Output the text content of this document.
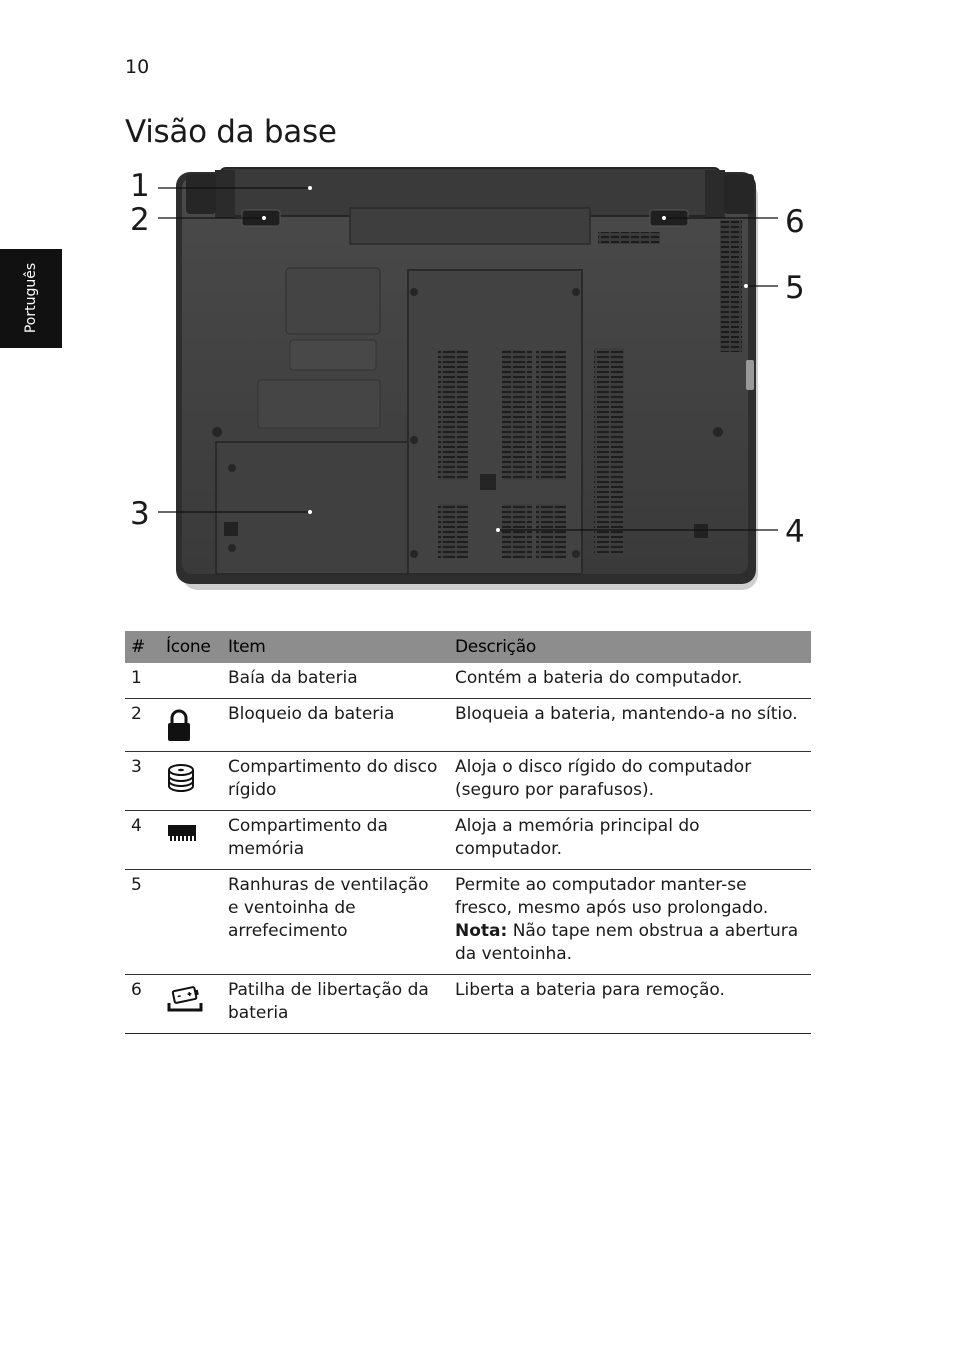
10
Visão da base
Português
1
2
3	4
5
6
#	Ícone	Item	Descrição
1		Baía da bateria	Contém a bateria do computador.
2		Bloqueio da bateria	Bloqueia a bateria, mantendo-a no sítio.
3		Compartimento do disco rígido	Aloja o disco rígido do computador (seguro por parafusos).
4		Compartimento da memória	Aloja a memória principal do computador.
5		Ranhuras de ventilação e ventoinha de arrefecimento	Permite ao computador manter-se fresco, mesmo após uso prolongado.
Nota: Não tape nem obstrua a abertura da ventoinha.

6		Patilha de libertação da bateria	Liberta a bateria para remoção.
